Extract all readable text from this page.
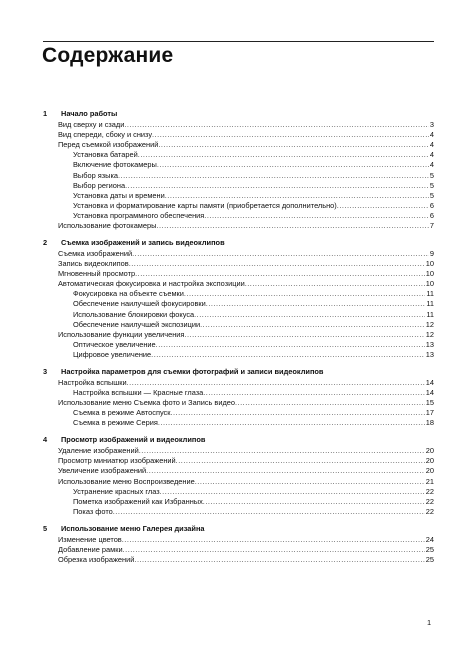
Содержание
1	Начало работы
Вид сверху и сзади .....	3
Вид спереди, сбоку и снизу .....	4
Перед съемкой изображений .....	4
Установка батарей .....	4
Включение фотокамеры .....	4
Выбор языка .....	5
Выбор региона .....	5
Установка даты и времени .....	5
Установка и форматирование карты памяти (приобретается дополнительно) .....	6
Установка программного обеспечения .....	6
Использование фотокамеры .....	7
2	Съемка изображений и запись видеоклипов
Съемка изображений .....	9
Запись видеоклипов .....	10
Мгновенный просмотр .....	10
Автоматическая фокусировка и настройка экспозиции .....	10
Фокусировка на объекте съемки .....	11
Обеспечение наилучшей фокусировки .....	11
Использование блокировки фокуса .....	11
Обеспечение наилучшей экспозиции .....	12
Использование функции увеличения .....	12
Оптическое увеличение .....	13
Цифровое увеличение .....	13
3	Настройка параметров для съемки фотографий и записи видеоклипов
Настройка вспышки .....	14
Настройка вспышки — Красные глаза .....	14
Использование меню Съемка фото и Запись видео .....	15
Съемка в режиме Автоспуск .....	17
Съемка в режиме Серия .....	18
4	Просмотр изображений и видеоклипов
Удаление изображений .....	20
Просмотр миниатюр изображений .....	20
Увеличение изображений .....	20
Использование меню Воспроизведение .....	21
Устранение красных глаз .....	22
Пометка изображений как Избранных .....	22
Показ фото .....	22
5	Использование меню Галерея дизайна
Изменение цветов .....	24
Добавление рамки .....	25
Обрезка изображений .....	25
1
